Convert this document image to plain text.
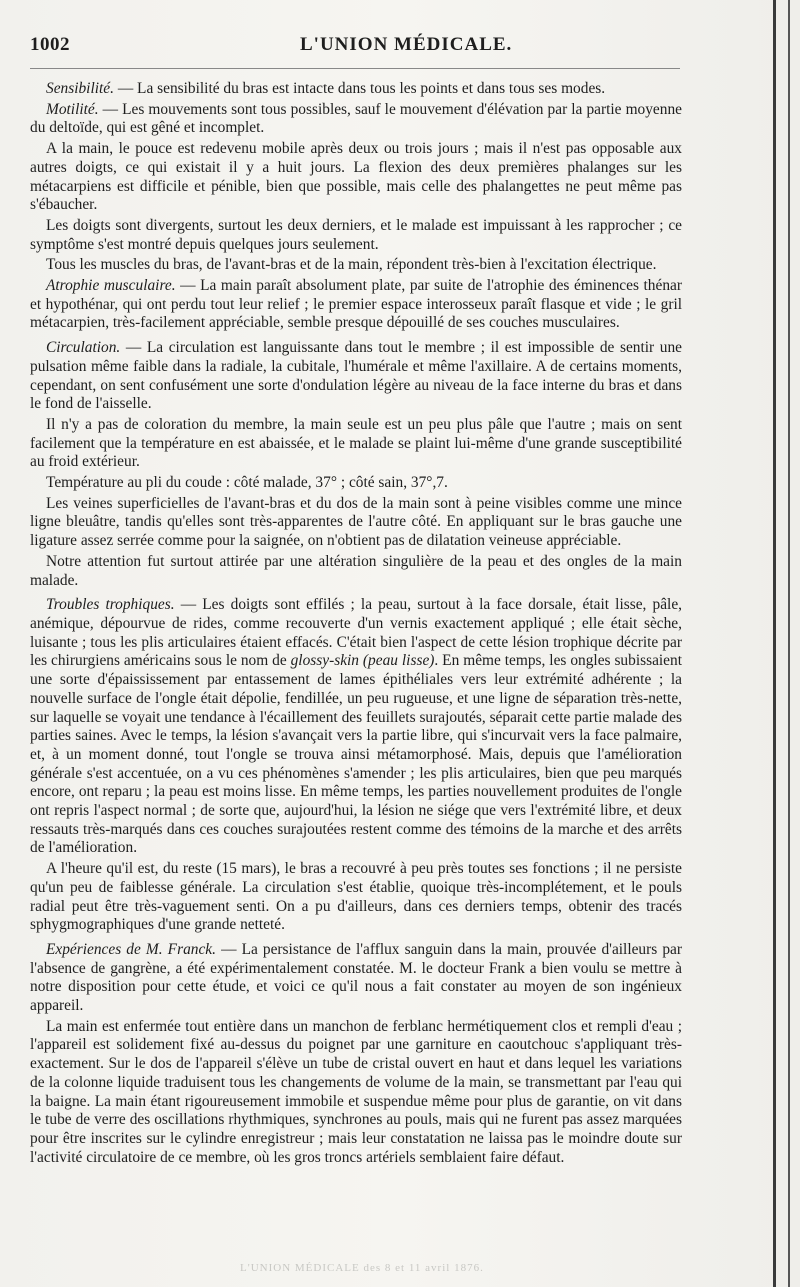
1002	L'UNION MÉDICALE.

Sensibilité. — La sensibilité du bras est intacte dans tous les points et dans tous ses modes.

Motilité. — Les mouvements sont tous possibles, sauf le mouvement d'élévation par la partie moyenne du deltoïde, qui est gêné et incomplet.

A la main, le pouce est redevenu mobile après deux ou trois jours ; mais il n'est pas opposable aux autres doigts, ce qui existait il y a huit jours. La flexion des deux premières phalanges sur les métacarpiens est difficile et pénible, bien que possible, mais celle des phalangettes ne peut même pas s'ébaucher.

Les doigts sont divergents, surtout les deux derniers, et le malade est impuissant à les rapprocher ; ce symptôme s'est montré depuis quelques jours seulement.

Tous les muscles du bras, de l'avant-bras et de la main, répondent très-bien à l'excitation électrique.

Atrophie musculaire. — La main paraît absolument plate, par suite de l'atrophie des éminences thénar et hypothénar, qui ont perdu tout leur relief ; le premier espace interosseux paraît flasque et vide ; le gril métacarpien, très-facilement appréciable, semble presque dépouillé de ses couches musculaires.

Circulation. — La circulation est languissante dans tout le membre ; il est impossible de sentir une pulsation même faible dans la radiale, la cubitale, l'humérale et même l'axillaire. A de certains moments, cependant, on sent confusément une sorte d'ondulation légère au niveau de la face interne du bras et dans le fond de l'aisselle.

Il n'y a pas de coloration du membre, la main seule est un peu plus pâle que l'autre ; mais on sent facilement que la température en est abaissée, et le malade se plaint lui-même d'une grande susceptibilité au froid extérieur.

Température au pli du coude : côté malade, 37° ; côté sain, 37°,7.

Les veines superficielles de l'avant-bras et du dos de la main sont à peine visibles comme une mince ligne bleuâtre, tandis qu'elles sont très-apparentes de l'autre côté. En appliquant sur le bras gauche une ligature assez serrée comme pour la saignée, on n'obtient pas de dilatation veineuse appréciable.

Notre attention fut surtout attirée par une altération singulière de la peau et des ongles de la main malade.

Troubles trophiques. — Les doigts sont effilés ; la peau, surtout à la face dorsale, était lisse, pâle, anémique, dépourvue de rides, comme recouverte d'un vernis exactement appliqué ; elle était sèche, luisante ; tous les plis articulaires étaient effacés. C'était bien l'aspect de cette lésion trophique décrite par les chirurgiens américains sous le nom de glossy-skin (peau lisse). En même temps, les ongles subissaient une sorte d'épaississement par entassement de lames épithéliales vers leur extrémité adhérente ; la nouvelle surface de l'ongle était dépolie, fendillée, un peu rugueuse, et une ligne de séparation très-nette, sur laquelle se voyait une tendance à l'écaillement des feuillets surajoutés, séparait cette partie malade des parties saines. Avec le temps, la lésion s'avançait vers la partie libre, qui s'incurvait vers la face palmaire, et, à un moment donné, tout l'ongle se trouva ainsi métamorphosé. Mais, depuis que l'amélioration générale s'est accentuée, on a vu ces phénomènes s'amender ; les plis articulaires, bien que peu marqués encore, ont reparu ; la peau est moins lisse. En même temps, les parties nouvellement produites de l'ongle ont repris l'aspect normal ; de sorte que, aujourd'hui, la lésion ne siége que vers l'extrémité libre, et deux ressauts très-marqués dans ces couches surajoutées restent comme des témoins de la marche et des arrêts de l'amélioration.

A l'heure qu'il est, du reste (15 mars), le bras a recouvré à peu près toutes ses fonctions ; il ne persiste qu'un peu de faiblesse générale. La circulation s'est établie, quoique très-incomplétement, et le pouls radial peut être très-vaguement senti. On a pu d'ailleurs, dans ces derniers temps, obtenir des tracés sphygmographiques d'une grande netteté.

Expériences de M. Franck. — La persistance de l'afflux sanguin dans la main, prouvée d'ailleurs par l'absence de gangrène, a été expérimentalement constatée. M. le docteur Frank a bien voulu se mettre à notre disposition pour cette étude, et voici ce qu'il nous a fait constater au moyen de son ingénieux appareil.

La main est enfermée tout entière dans un manchon de ferblanc hermétiquement clos et rempli d'eau ; l'appareil est solidement fixé au-dessus du poignet par une garniture en caoutchouc s'appliquant très-exactement. Sur le dos de l'appareil s'élève un tube de cristal ouvert en haut et dans lequel les variations de la colonne liquide traduisent tous les changements de volume de la main, se transmettant par l'eau qui la baigne. La main étant rigoureusement immobile et suspendue même pour plus de garantie, on vit dans le tube de verre des oscillations rhythmiques, synchrones au pouls, mais qui ne furent pas assez marquées pour être inscrites sur le cylindre enregistreur ; mais leur constatation ne laissa pas le moindre doute sur l'activité circulatoire de ce membre, où les gros troncs artériels semblaient faire défaut.

L'UNION MÉDICALE des 8 et 11 avril 1876.
